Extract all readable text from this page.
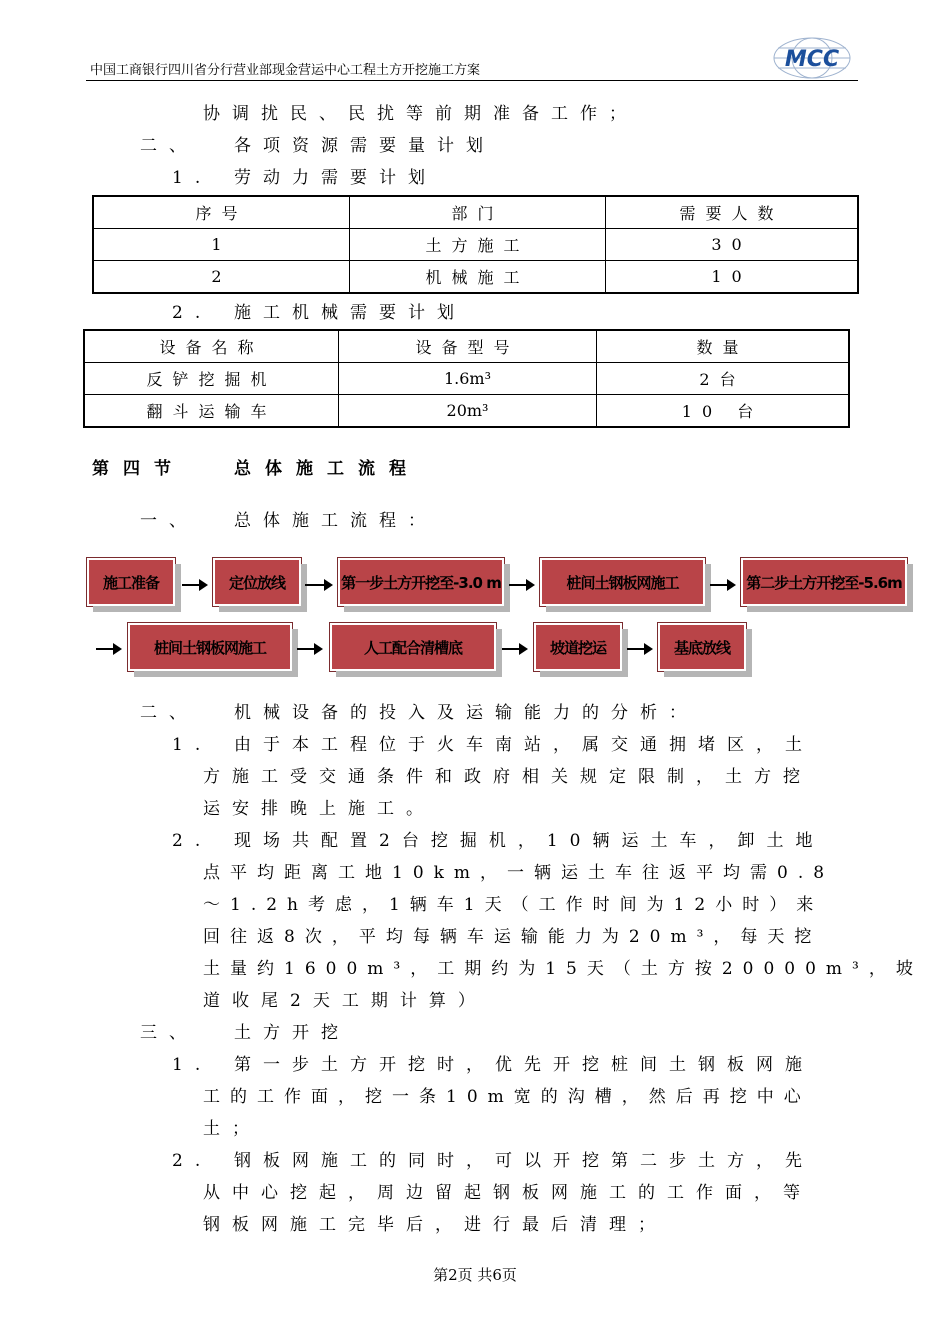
中国工商银行四川省分行营业部现金营运中心工程土方开挖施工方案	MCC
协调扰民、民扰等前期准备工作；
二、 各项资源需要量计划
1. 劳动力需要计划
序号	部门	需要人数
1	土方施工	30
2	机械施工	10
2. 施工机械需要计划
设备名称	设备型号	数量
反铲挖掘机	1.6m³	2台
翻斗运输车	20m³	10 台
第四节	总体施工流程
一、 总体施工流程：
施工准备	定位放线	第一步土方开挖至-3.0 m	桩间土钢板网施工	第二步土方开挖至-5.6m
桩间土钢板网施工	人工配合清槽底	坡道挖运	基底放线
二、 机械设备的投入及运输能力的分析：
1. 由于本工程位于火车南站，属交通拥堵区，土
方施工受交通条件和政府相关规定限制，土方挖
运安排晚上施工。
2. 现场共配置2台挖掘机，10辆运土车，卸土地
点平均距离工地10km，一辆运土车往返平均需0.8
～1.2h考虑，1辆车1天（工作时间为12小时）来
回往返8次，平均每辆车运输能力为20m³，每天挖
土量约1600m³，工期约为15天（土方按20000m³，坡
道收尾2天工期计算）
三、 土方开挖
1. 第一步土方开挖时，优先开挖桩间土钢板网施
工的工作面，挖一条10m宽的沟槽，然后再挖中心
土；
2. 钢板网施工的同时，可以开挖第二步土方，先
从中心挖起，周边留起钢板网施工的工作面，等
钢板网施工完毕后，进行最后清理；
第2页 共6页
